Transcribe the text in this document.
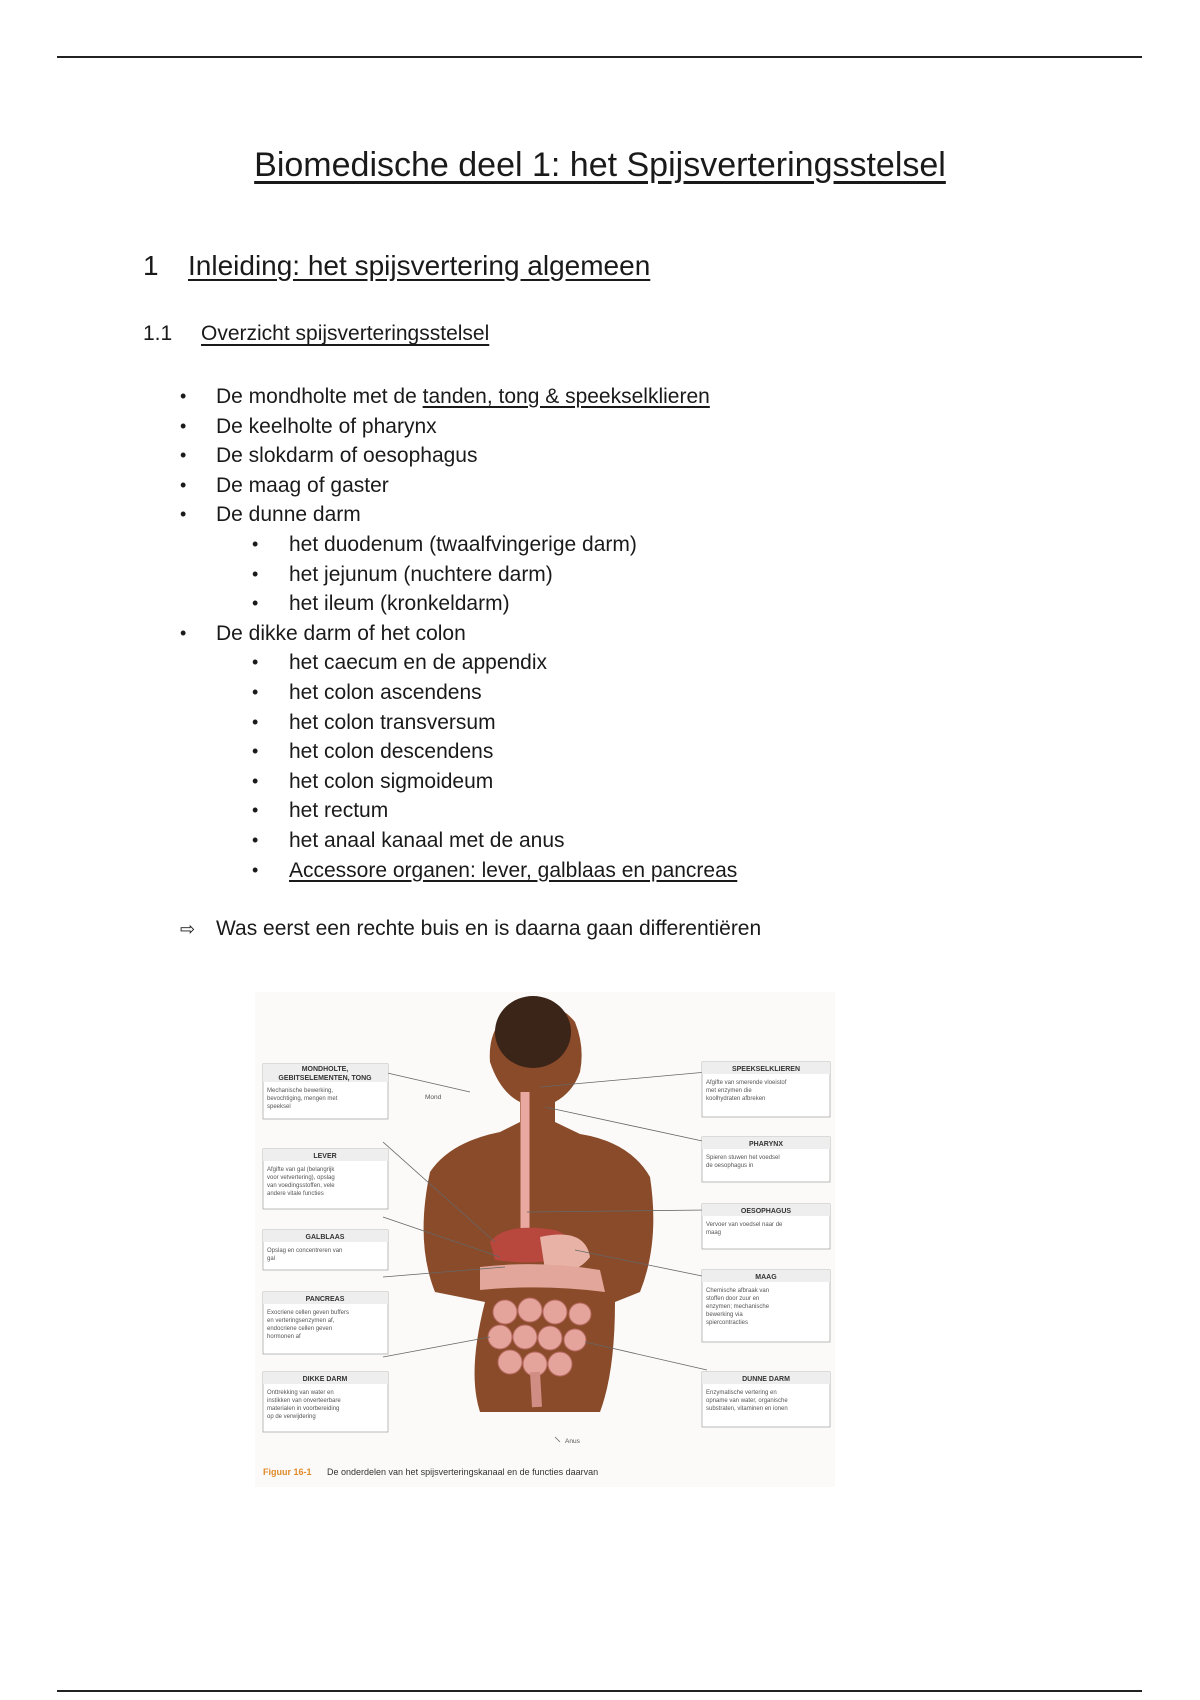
Biomedische deel 1: het Spijsverteringsstelsel
1 Inleiding: het spijsvertering algemeen
1.1 Overzicht spijsverteringsstelsel
• De mondholte met de tanden, tong & speekselklieren
• De keelholte of pharynx
• De slokdarm of oesophagus
• De maag of gaster
• De dunne darm
• het duodenum (twaalfvingerige darm)
• het jejunum (nuchtere darm)
• het ileum (kronkeldarm)
• De dikke darm of het colon
• het caecum en de appendix
• het colon ascendens
• het colon transversum
• het colon descendens
• het colon sigmoideum
• het rectum
• het anaal kanaal met de anus
• Accessore organen: lever, galblaas en pancreas
⇨ Was eerst een rechte buis en is daarna gaan differentiëren
MONDHOLTE,
GEBITSELEMENTEN, TONG
Mechanische bewerking,
bevochtiging, mengen met
speeksel
LEVER
Afgifte van gal (belangrijk
voor vetvertering), opslag
van voedingsstoffen, vele
andere vitale functies
GALBLAAS
Opslag en concentreren van
gal
PANCREAS
Exocriene cellen geven buffers
en verteringsenzymen af,
endocriene cellen geven
hormonen af
DIKKE DARM
Onttrekking van water en
instikken van onverteerbare
materialen in voorbereiding
op de verwijdering
SPEEKSELKLIEREN
Afgifte van smerende vloeistof
met enzymen die
koolhydraten afbreken
PHARYNX
Spieren stuwen het voedsel
de oesophagus in
OESOPHAGUS
Vervoer van voedsel naar de
maag
MAAG
Chemische afbraak van
stoffen door zuur en
enzymen; mechanische
bewerking via
spiercontracties
DUNNE DARM
Enzymatische vertering en
opname van water, organische
substraten, vitaminen en ionen
Mond
Anus
Figuur 16-1 De onderdelen van het spijsverteringskanaal en de functies daarvan
